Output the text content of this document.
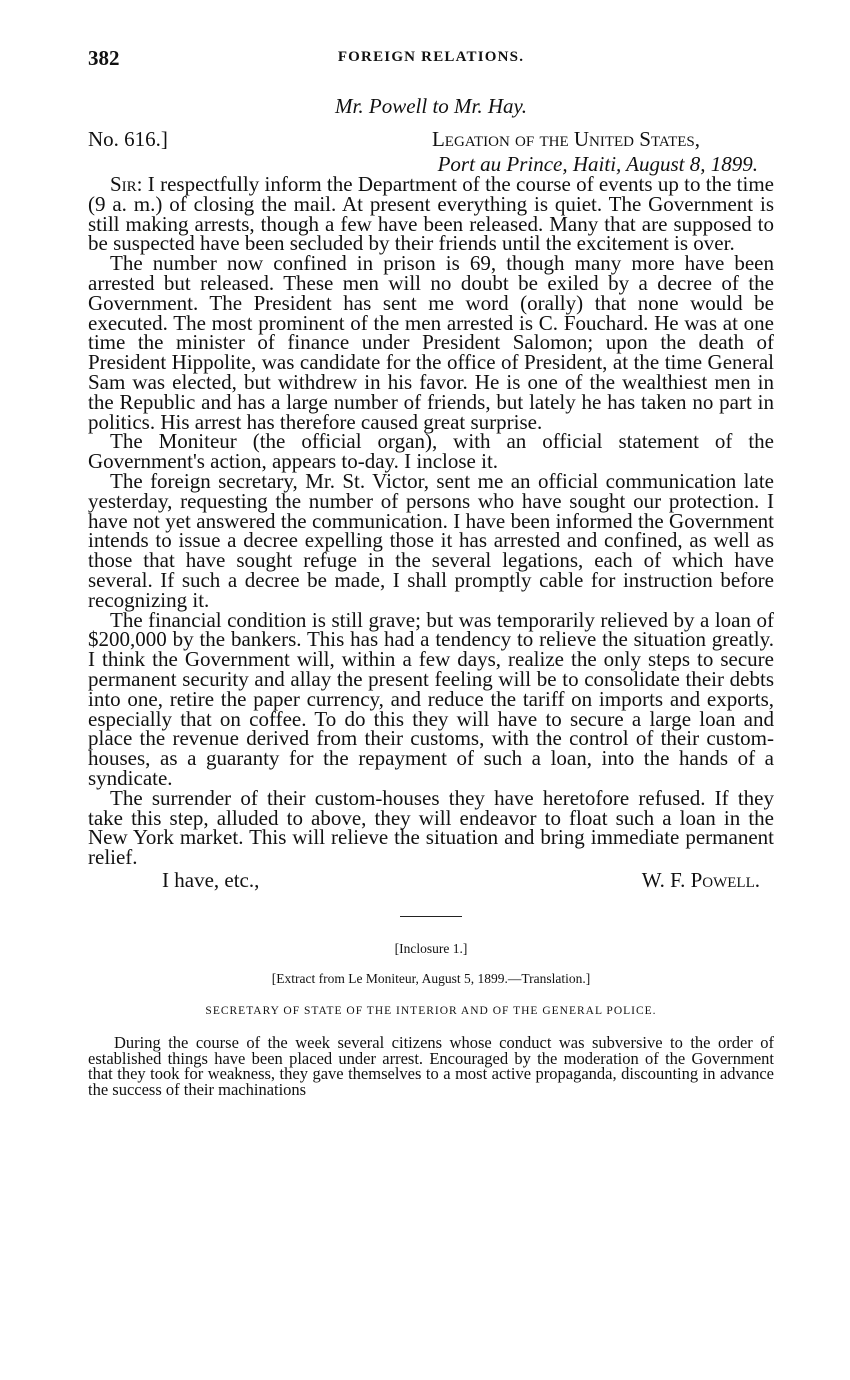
382	FOREIGN RELATIONS.
Mr. Powell to Mr. Hay.
No. 616.]	Legation of the United States,
Port au Prince, Haiti, August 8, 1899.

Sir: I respectfully inform the Department of the course of events up to the time (9 a. m.) of closing the mail. At present everything is quiet. The Government is still making arrests, though a few have been released. Many that are supposed to be suspected have been secluded by their friends until the excitement is over.

The number now confined in prison is 69, though many more have been arrested but released. These men will no doubt be exiled by a decree of the Government. The President has sent me word (orally) that none would be executed. The most prominent of the men arrested is C. Fouchard. He was at one time the minister of finance under President Salomon; upon the death of President Hippolite, was candidate for the office of President, at the time General Sam was elected, but withdrew in his favor. He is one of the wealthiest men in the Republic and has a large number of friends, but lately he has taken no part in politics. His arrest has therefore caused great surprise.

The Moniteur (the official organ), with an official statement of the Government's action, appears to-day. I inclose it.

The foreign secretary, Mr. St. Victor, sent me an official communication late yesterday, requesting the number of persons who have sought our protection. I have not yet answered the communication. I have been informed the Government intends to issue a decree expelling those it has arrested and confined, as well as those that have sought refuge in the several legations, each of which have several. If such a decree be made, I shall promptly cable for instruction before recognizing it.

The financial condition is still grave; but was temporarily relieved by a loan of $200,000 by the bankers. This has had a tendency to relieve the situation greatly. I think the Government will, within a few days, realize the only steps to secure permanent security and allay the present feeling will be to consolidate their debts into one, retire the paper currency, and reduce the tariff on imports and exports, especially that on coffee. To do this they will have to secure a large loan and place the revenue derived from their customs, with the control of their custom-houses, as a guaranty for the repayment of such a loan, into the hands of a syndicate.

The surrender of their custom-houses they have heretofore refused. If they take this step, alluded to above, they will endeavor to float such a loan in the New York market. This will relieve the situation and bring immediate permanent relief.

I have, etc.,	W. F. Powell.
[Inclosure 1.]
[Extract from Le Moniteur, August 5, 1899.—Translation.]
SECRETARY OF STATE OF THE INTERIOR AND OF THE GENERAL POLICE.

During the course of the week several citizens whose conduct was subversive to the order of established things have been placed under arrest. Encouraged by the moderation of the Government that they took for weakness, they gave themselves to a most active propaganda, discounting in advance the success of their machinations
